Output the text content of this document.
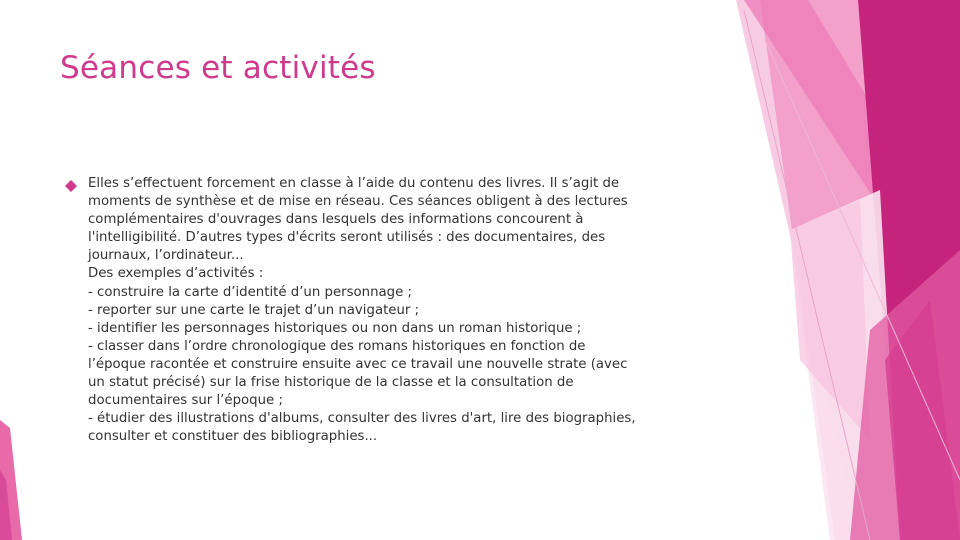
Séances et activités
Elles s’effectuent forcement en classe à l’aide du contenu des livres. Il s’agit de
moments de synthèse et de mise en réseau. Ces séances obligent à des lectures
complémentaires d'ouvrages dans lesquels des informations concourent à
l'intelligibilité. D’autres types d'écrits seront utilisés : des documentaires, des
journaux, l’ordinateur...
Des exemples d’activités :
- construire la carte d’identité d’un personnage ;
- reporter sur une carte le trajet d’un navigateur ;
- identifier les personnages historiques ou non dans un roman historique ;
- classer dans l’ordre chronologique des romans historiques en fonction de
l’époque racontée et construire ensuite avec ce travail une nouvelle strate (avec
un statut précisé) sur la frise historique de la classe et la consultation de
documentaires sur l’époque ;
- étudier des illustrations d'albums, consulter des livres d'art, lire des biographies,
consulter et constituer des bibliographies...
